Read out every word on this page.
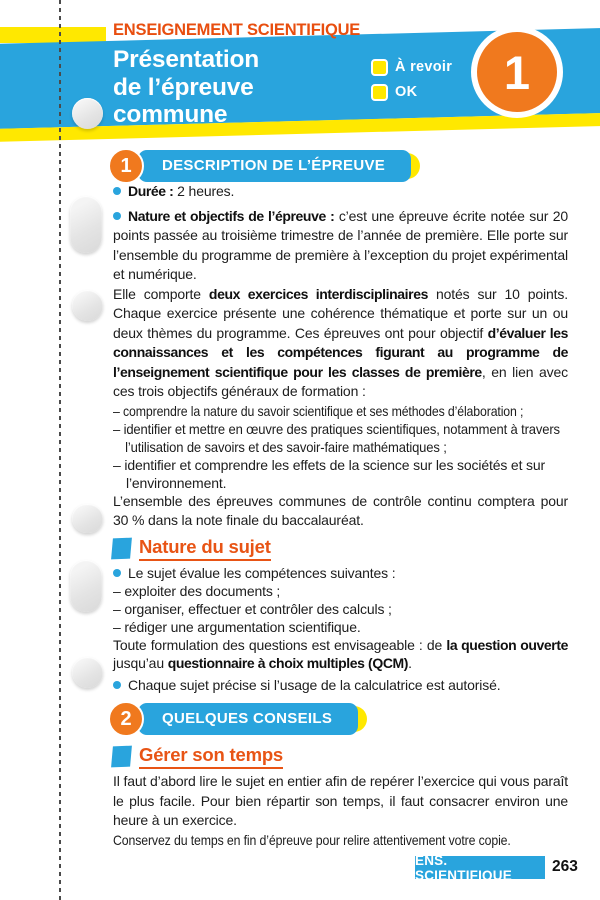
ENSEIGNEMENT SCIENTIFIQUE
Présentation
de l’épreuve
commune
À revoir
OK 1
1	DESCRIPTION DE L’ÉPREUVE

Durée : 2 heures.

Nature et objectifs de l’épreuve : c’est une épreuve écrite notée sur 20 points passée au troisième trimestre de l’année de première. Elle porte sur l’ensemble du programme de première à l’exception du projet expérimental et numérique.

Elle comporte deux exercices interdisciplinaires notés sur 10 points. Chaque exercice présente une cohérence thématique et porte sur un ou deux thèmes du programme. Ces épreuves ont pour objectif d’évaluer les connaissances et les compétences figurant au programme de l’enseignement scientifique pour les classes de première, en lien avec ces trois objectifs généraux de formation :

– comprendre la nature du savoir scientifique et ses méthodes d’élaboration ;
– identifier et mettre en œuvre des pratiques scientifiques, notamment à travers l’utilisation de savoirs et des savoir-faire mathématiques ;
– identifier et comprendre les effets de la science sur les sociétés et sur l’environnement.

L’ensemble des épreuves communes de contrôle continu comptera pour 30 % dans la note finale du baccalauréat.

Nature du sujet

Le sujet évalue les compétences suivantes :

– exploiter des documents ;
– organiser, effectuer et contrôler des calculs ;
– rédiger une argumentation scientifique.

Toute formulation des questions est envisageable : de la question ouverte jusqu’au questionnaire à choix multiples (QCM).

Chaque sujet précise si l’usage de la calculatrice est autorisé.

2	QUELQUES CONSEILS
Gérer son temps

Il faut d’abord lire le sujet en entier afin de repérer l’exercice qui vous paraît le plus facile. Pour bien répartir son temps, il faut consacrer environ une heure à un exercice.

Conservez du temps en fin d’épreuve pour relire attentivement votre copie.

ENS. SCIENTIFIQUE	263
